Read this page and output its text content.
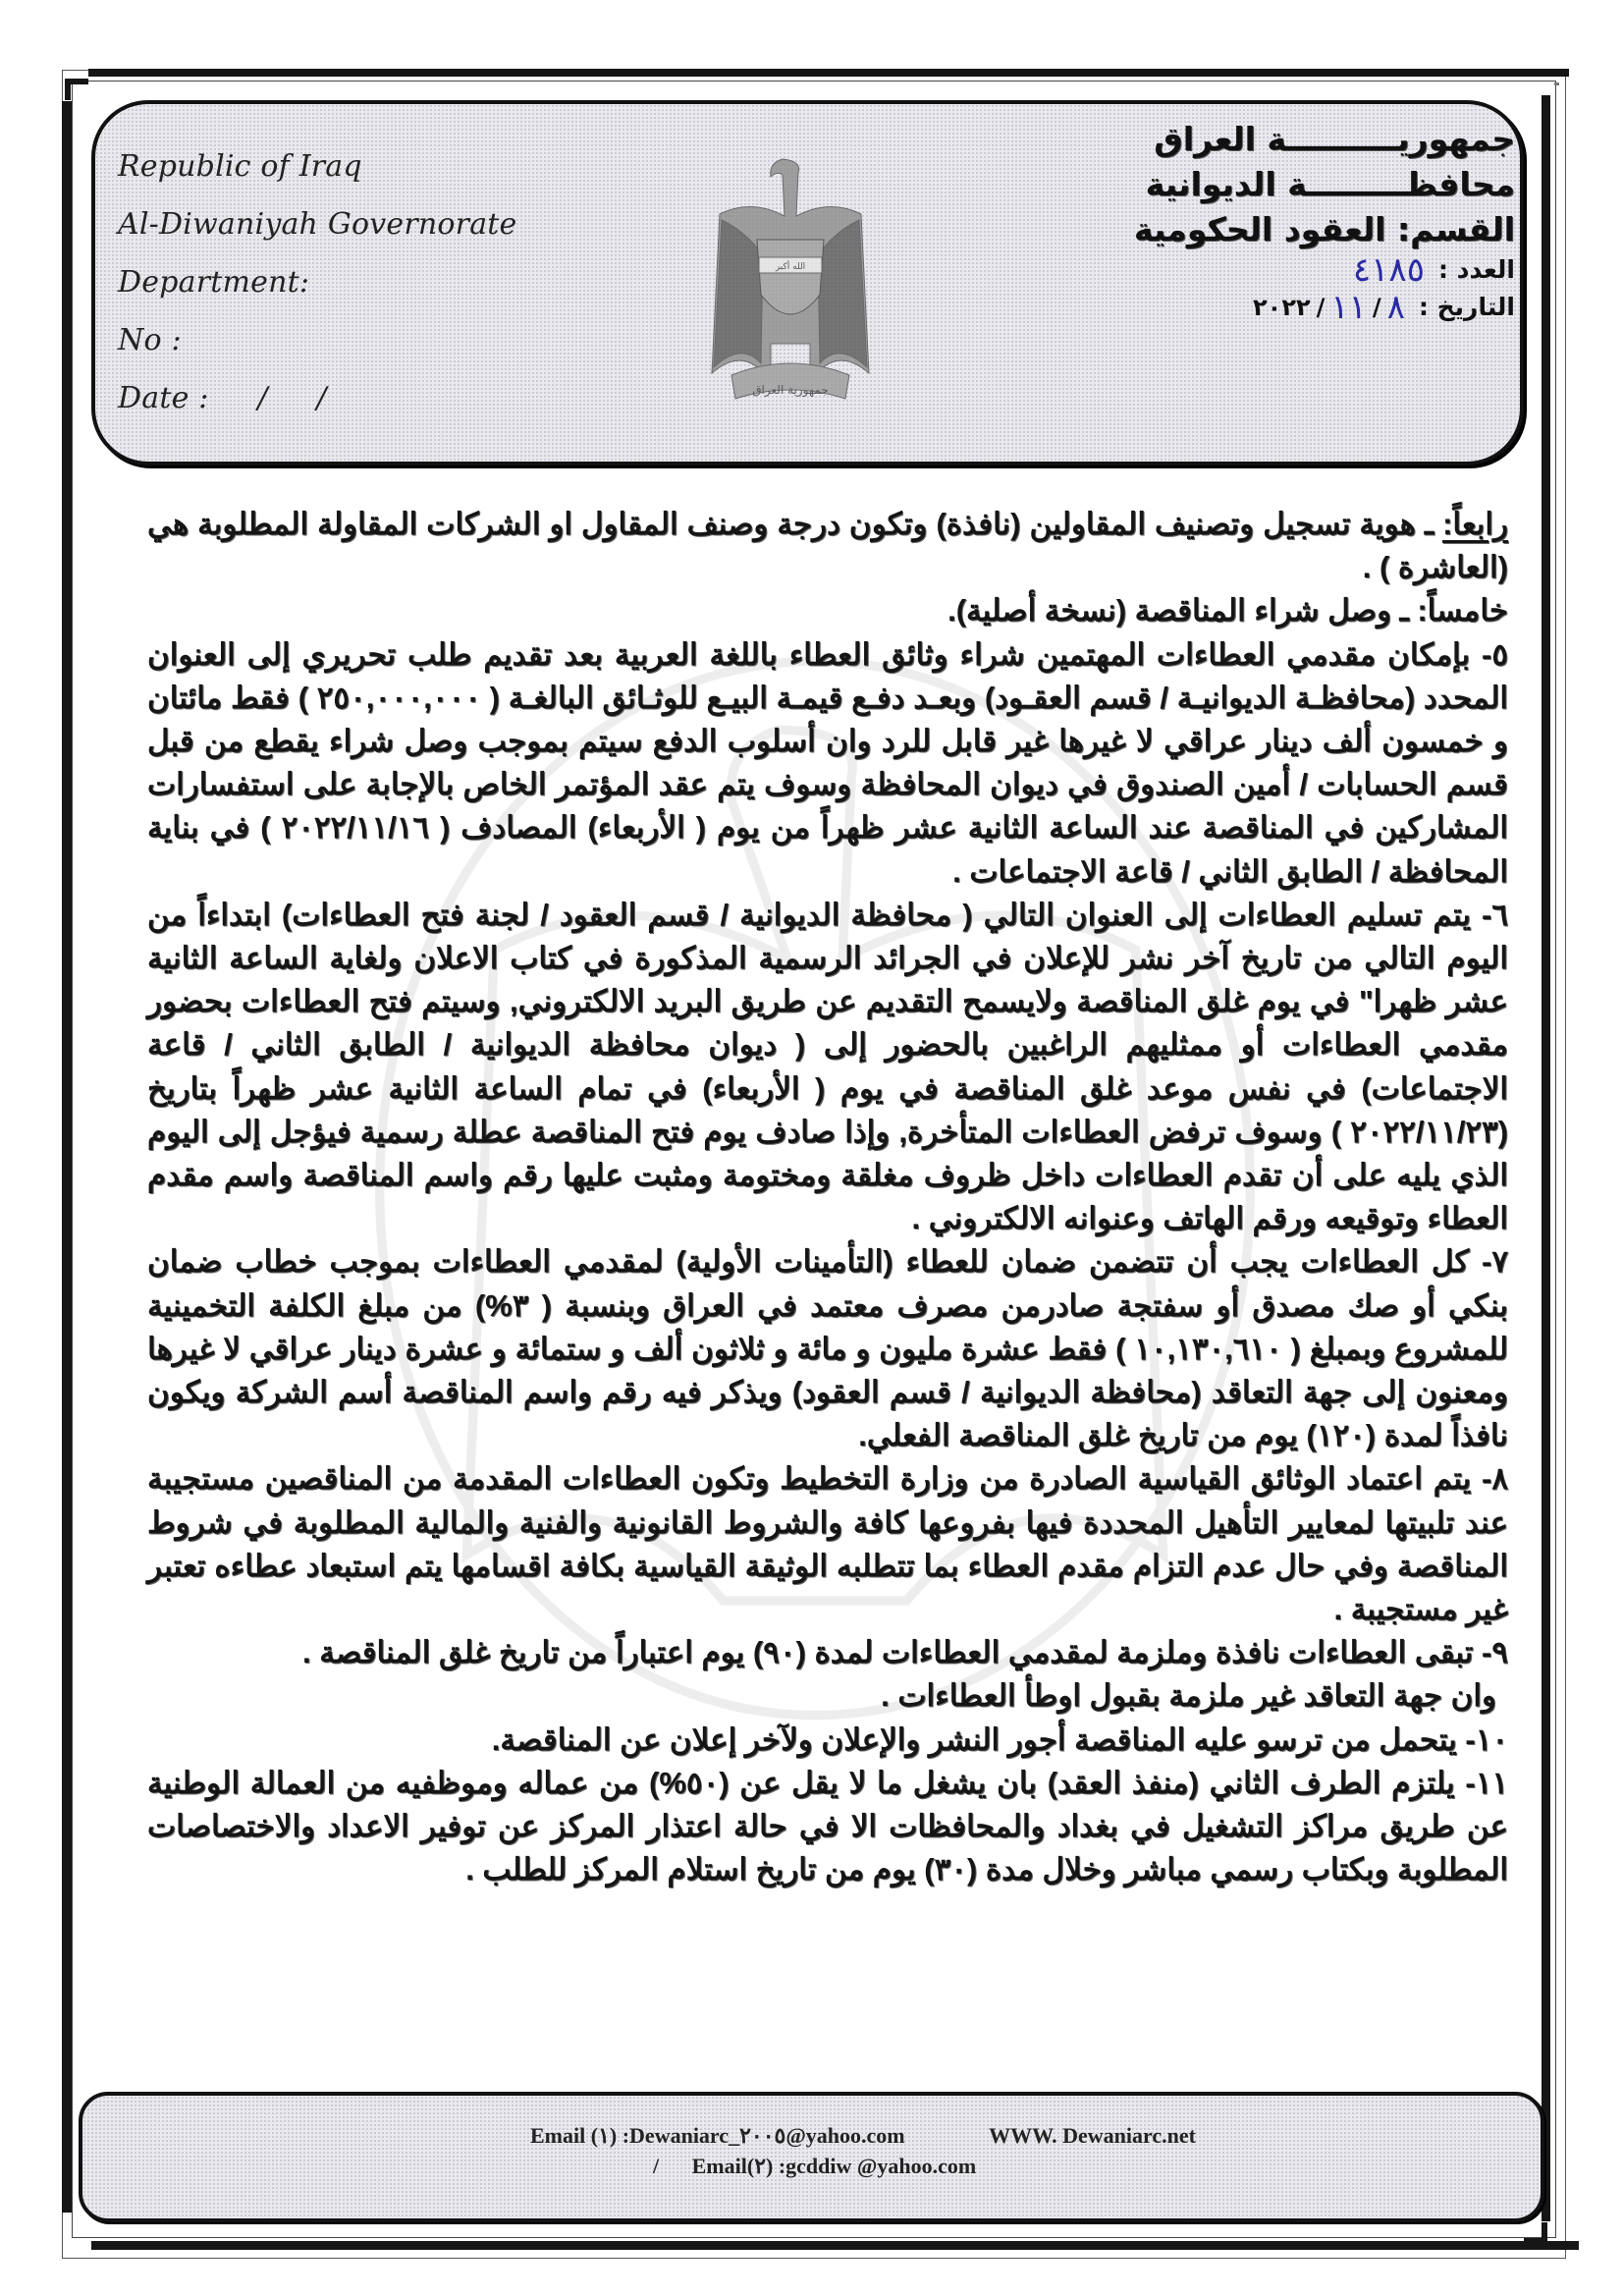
Republic of Iraq
Al-Diwaniyah Governorate
Department:
No :
Date : / /
الله أكبر
جمهورية العراق
جمهوريــــــــــة العراق
محافظـــــــــة الديوانية
القسم: العقود الحكومية
العدد :
٤١٨٥
التاريخ :
٨
/
١١
/
٢٠٢٢

رابعاً: ـ هوية تسجيل وتصنيف المقاولين (نافذة) وتكون درجة وصنف المقاول او الشركات المقاولة المطلوبة هي (العاشرة ) .

خامساً: ـ وصل شراء المناقصة (نسخة أصلية).

٥- بإمكان مقدمي العطاءات المهتمين شراء وثائق العطاء باللغة العربية بعد تقديم طلب تحريري إلى العنوان المحدد (محافظـة الديوانيـة / قسم العقـود) وبعـد دفـع قيمـة البيـع للوثـائق البالغـة ( ٢٥٠,٠٠٠,٠٠٠ ) فقط مائتان و خمسون ألف دينار عراقي لا غيرها غير قابل للرد وان أسلوب الدفع سيتم بموجب وصل شراء يقطع من قبل قسم الحسابات / أمين الصندوق في ديوان المحافظة وسوف يتم عقد المؤتمر الخاص بالإجابة على استفسارات المشاركين في المناقصة عند الساعة الثانية عشر ظهراً من يوم ( الأربعاء) المصادف ( ٢٠٢٢/١١/١٦ ) في بناية المحافظة / الطابق الثاني / قاعة الاجتماعات .

٦- يتم تسليم العطاءات إلى العنوان التالي ( محافظة الديوانية / قسم العقود / لجنة فتح العطاءات) ابتداءاً من اليوم التالي من تاريخ آخر نشر للإعلان في الجرائد الرسمية المذكورة في كتاب الاعلان ولغاية الساعة الثانية عشر ظهرا" في يوم غلق المناقصة ولايسمح التقديم عن طريق البريد الالكتروني, وسيتم فتح العطاءات بحضور مقدمي العطاءات أو ممثليهم الراغبين بالحضور إلى ( ديوان محافظة الديوانية / الطابق الثاني / قاعة الاجتماعات) في نفس موعد غلق المناقصة في يوم ( الأربعاء) في تمام الساعة الثانية عشر ظهراً بتاريخ (٢٠٢٢/١١/٢٣ ) وسوف ترفض العطاءات المتأخرة, وإذا صادف يوم فتح المناقصة عطلة رسمية فيؤجل إلى اليوم الذي يليه على أن تقدم العطاءات داخل ظروف مغلقة ومختومة ومثبت عليها رقم واسم المناقصة واسم مقدم العطاء وتوقيعه ورقم الهاتف وعنوانه الالكتروني .

٧- كل العطاءات يجب أن تتضمن ضمان للعطاء (التأمينات الأولية) لمقدمي العطاءات بموجب خطاب ضمان بنكي أو صك مصدق أو سفتجة صادرمن مصرف معتمد في العراق وبنسبة ( ٣%) من مبلغ الكلفة التخمينية للمشروع وبمبلغ ( ١٠,١٣٠,٦١٠ ) فقط عشرة مليون و مائة و ثلاثون ألف و ستمائة و عشرة دينار عراقي لا غيرها ومعنون إلى جهة التعاقد (محافظة الديوانية / قسم العقود) ويذكر فيه رقم واسم المناقصة أسم الشركة ويكون نافذاً لمدة (١٢٠) يوم من تاريخ غلق المناقصة الفعلي.

٨- يتم اعتماد الوثائق القياسية الصادرة من وزارة التخطيط وتكون العطاءات المقدمة من المناقصين مستجيبة عند تلبيتها لمعايير التأهيل المحددة فيها بفروعها كافة والشروط القانونية والفنية والمالية المطلوبة في شروط المناقصة وفي حال عدم التزام مقدم العطاء بما تتطلبه الوثيقة القياسية بكافة اقسامها يتم استبعاد عطاءه تعتبر غير مستجيبة .

٩- تبقى العطاءات نافذة وملزمة لمقدمي العطاءات لمدة (٩٠) يوم اعتباراً من تاريخ غلق المناقصة .

وان جهة التعاقد غير ملزمة بقبول اوطأ العطاءات .

١٠- يتحمل من ترسو عليه المناقصة أجور النشر والإعلان ولآخر إعلان عن المناقصة.

١١- يلتزم الطرف الثاني (منفذ العقد) بان يشغل ما لا يقل عن (٥٠%) من عماله وموظفيه من العمالة الوطنية عن طريق مراكز التشغيل في بغداد والمحافظات الا في حالة اعتذار المركز عن توفير الاعداد والاختصاصات المطلوبة وبكتاب رسمي مباشر وخلال مدة (٣٠) يوم من تاريخ استلام المركز للطلب .

Email (١) :Dewaniarc_٢٠٠٥@yahoo.com	WWW. Dewaniarc.net
/ Email(٢) :gcddiw @yahoo.com
